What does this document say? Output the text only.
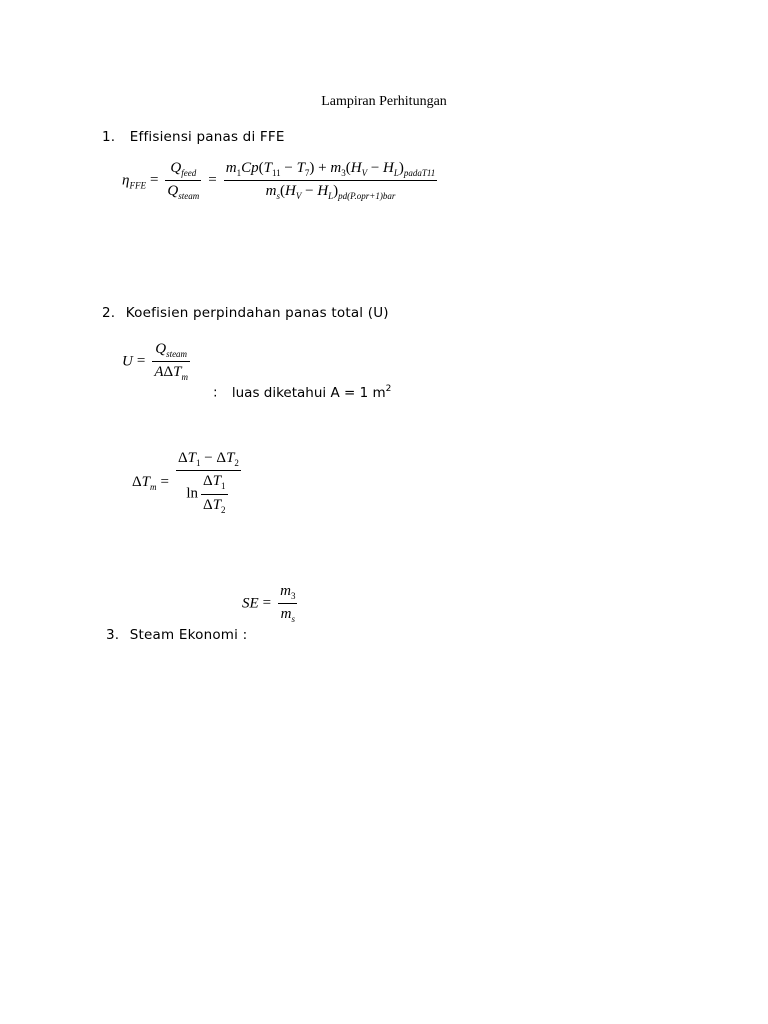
Lampiran Perhitungan
1. Effisiensi panas di FFE
$\eta_{FFE} = \frac{Q_{feed}}{Q_{steam}} = \frac{m_1Cp(T_{11} - T_7) + m_3(H_V - H_L)_{padaT11}}{m_s(H_V - H_L)_{pd(P.opr+1)bar}}$
2. Koefisien perpindahan panas total (U)
$U = \frac{Q_{steam}}{A\Delta T_m}$
: luas diketahui A = 1 $m^2$
$\Delta T_m = \frac{\Delta T_1 - \Delta T_2}{\ln \frac{\Delta T_1}{\Delta T_2}}$
SE = $\frac{m_3}{m_s}$
3. Steam Ekonomi :
